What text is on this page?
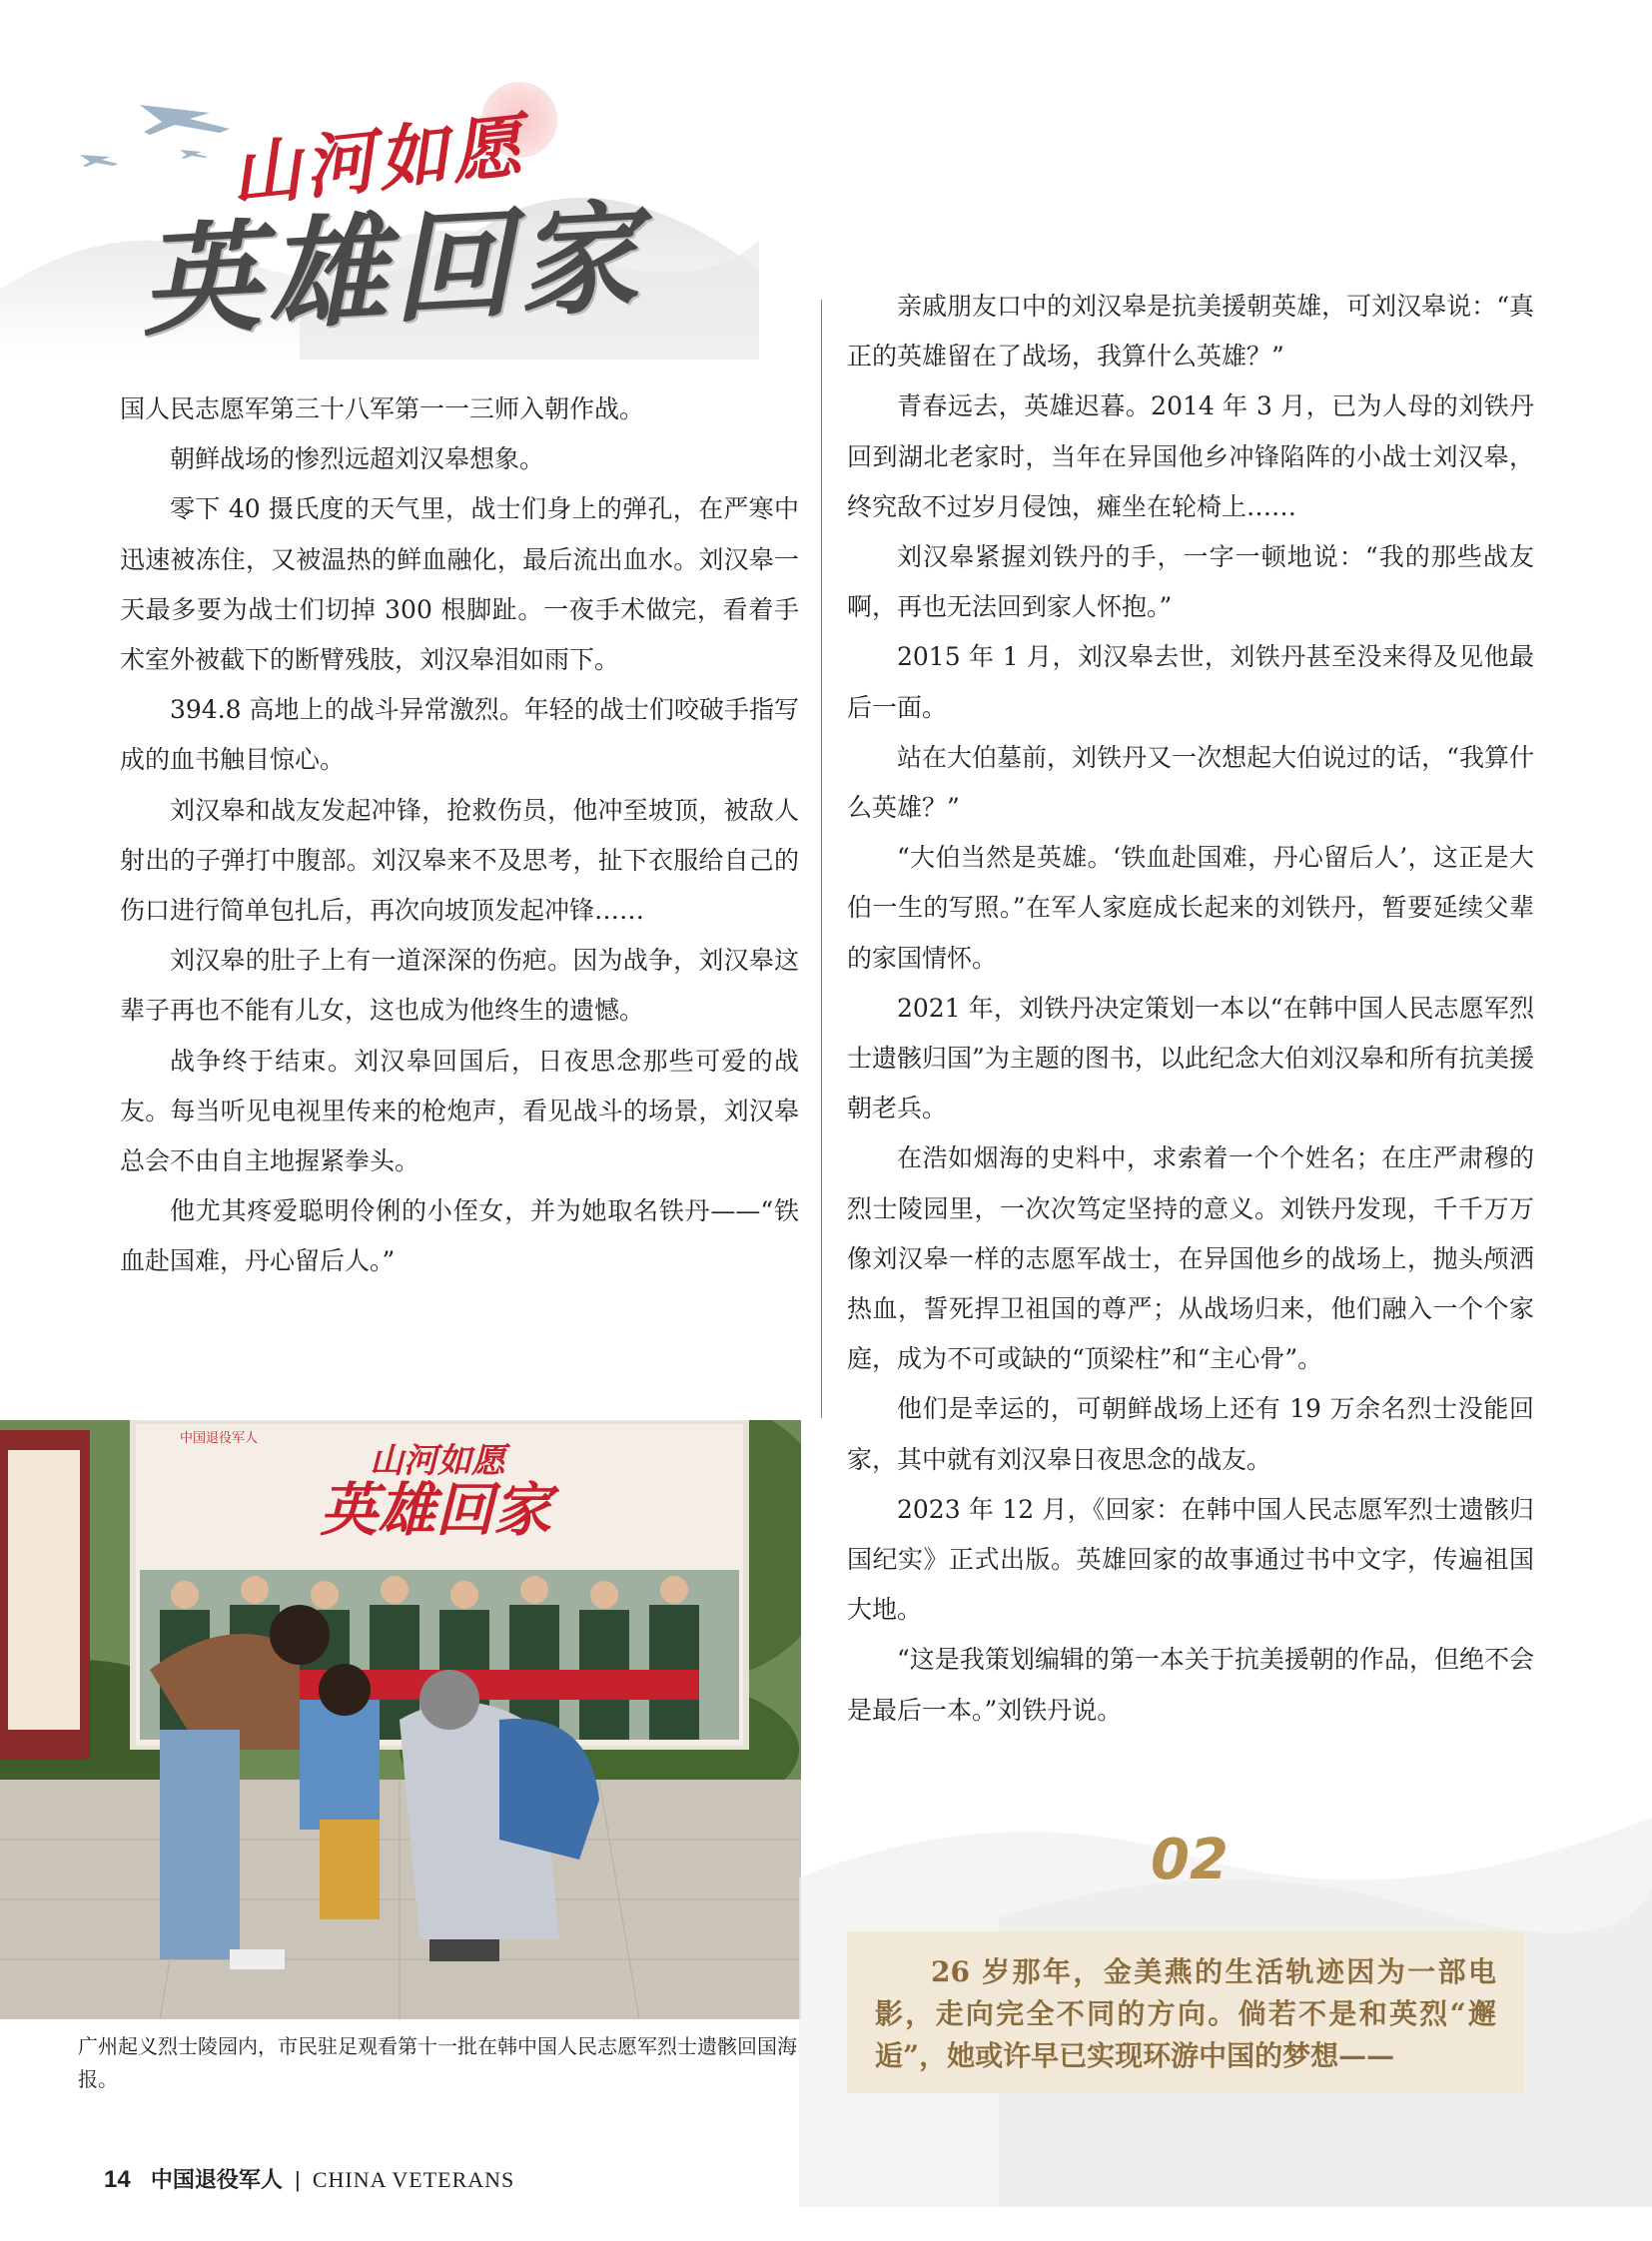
山河如愿
英雄回家

国人民志愿军第三十八军第一一三师入朝作战。

朝鲜战场的惨烈远超刘汉皋想象。

零下 40 摄氏度的天气里，战士们身上的弹孔，在严寒中迅速被冻住，又被温热的鲜血融化，最后流出血水。刘汉皋一天最多要为战士们切掉 300 根脚趾。一夜手术做完，看着手术室外被截下的断臂残肢，刘汉皋泪如雨下。

394.8 高地上的战斗异常激烈。年轻的战士们咬破手指写成的血书触目惊心。

刘汉皋和战友发起冲锋，抢救伤员，他冲至坡顶，被敌人射出的子弹打中腹部。刘汉皋来不及思考，扯下衣服给自己的伤口进行简单包扎后，再次向坡顶发起冲锋……

刘汉皋的肚子上有一道深深的伤疤。因为战争，刘汉皋这辈子再也不能有儿女，这也成为他终生的遗憾。

战争终于结束。刘汉皋回国后，日夜思念那些可爱的战友。每当听见电视里传来的枪炮声，看见战斗的场景，刘汉皋总会不由自主地握紧拳头。

他尤其疼爱聪明伶俐的小侄女，并为她取名铁丹——“铁血赴国难，丹心留后人。”

亲戚朋友口中的刘汉皋是抗美援朝英雄，可刘汉皋说：“真正的英雄留在了战场，我算什么英雄？”

青春远去，英雄迟暮。2014 年 3 月，已为人母的刘铁丹回到湖北老家时，当年在异国他乡冲锋陷阵的小战士刘汉皋，终究敌不过岁月侵蚀，瘫坐在轮椅上……

刘汉皋紧握刘铁丹的手，一字一顿地说：“我的那些战友啊，再也无法回到家人怀抱。”

2015 年 1 月，刘汉皋去世，刘铁丹甚至没来得及见他最后一面。

站在大伯墓前，刘铁丹又一次想起大伯说过的话，“我算什么英雄？”

“大伯当然是英雄。‘铁血赴国难，丹心留后人’，这正是大伯一生的写照。”在军人家庭成长起来的刘铁丹，暂要延续父辈的家国情怀。

2021 年，刘铁丹决定策划一本以“在韩中国人民志愿军烈士遗骸归国”为主题的图书，以此纪念大伯刘汉皋和所有抗美援朝老兵。

在浩如烟海的史料中，求索着一个个姓名；在庄严肃穆的烈士陵园里，一次次笃定坚持的意义。刘铁丹发现，千千万万像刘汉皋一样的志愿军战士，在异国他乡的战场上，抛头颅洒热血，誓死捍卫祖国的尊严；从战场归来，他们融入一个个家庭，成为不可或缺的“顶梁柱”和“主心骨”。

他们是幸运的，可朝鲜战场上还有 19 万余名烈士没能回家，其中就有刘汉皋日夜思念的战友。

2023 年 12 月，《回家：在韩中国人民志愿军烈士遗骸归国纪实》正式出版。英雄回家的故事通过书中文字，传遍祖国大地。

“这是我策划编辑的第一本关于抗美援朝的作品，但绝不会是最后一本。”刘铁丹说。

中国退役军人
山河如愿
英雄回家
广州起义烈士陵园内，市民驻足观看第十一批在韩中国人民志愿军烈士遗骸回国海报。
02

26 岁那年，金美燕的生活轨迹因为一部电影，走向完全不同的方向。倘若不是和英烈“邂逅”，她或许早已实现环游中国的梦想——

14 中国退役军人 | CHINA VETERANS
